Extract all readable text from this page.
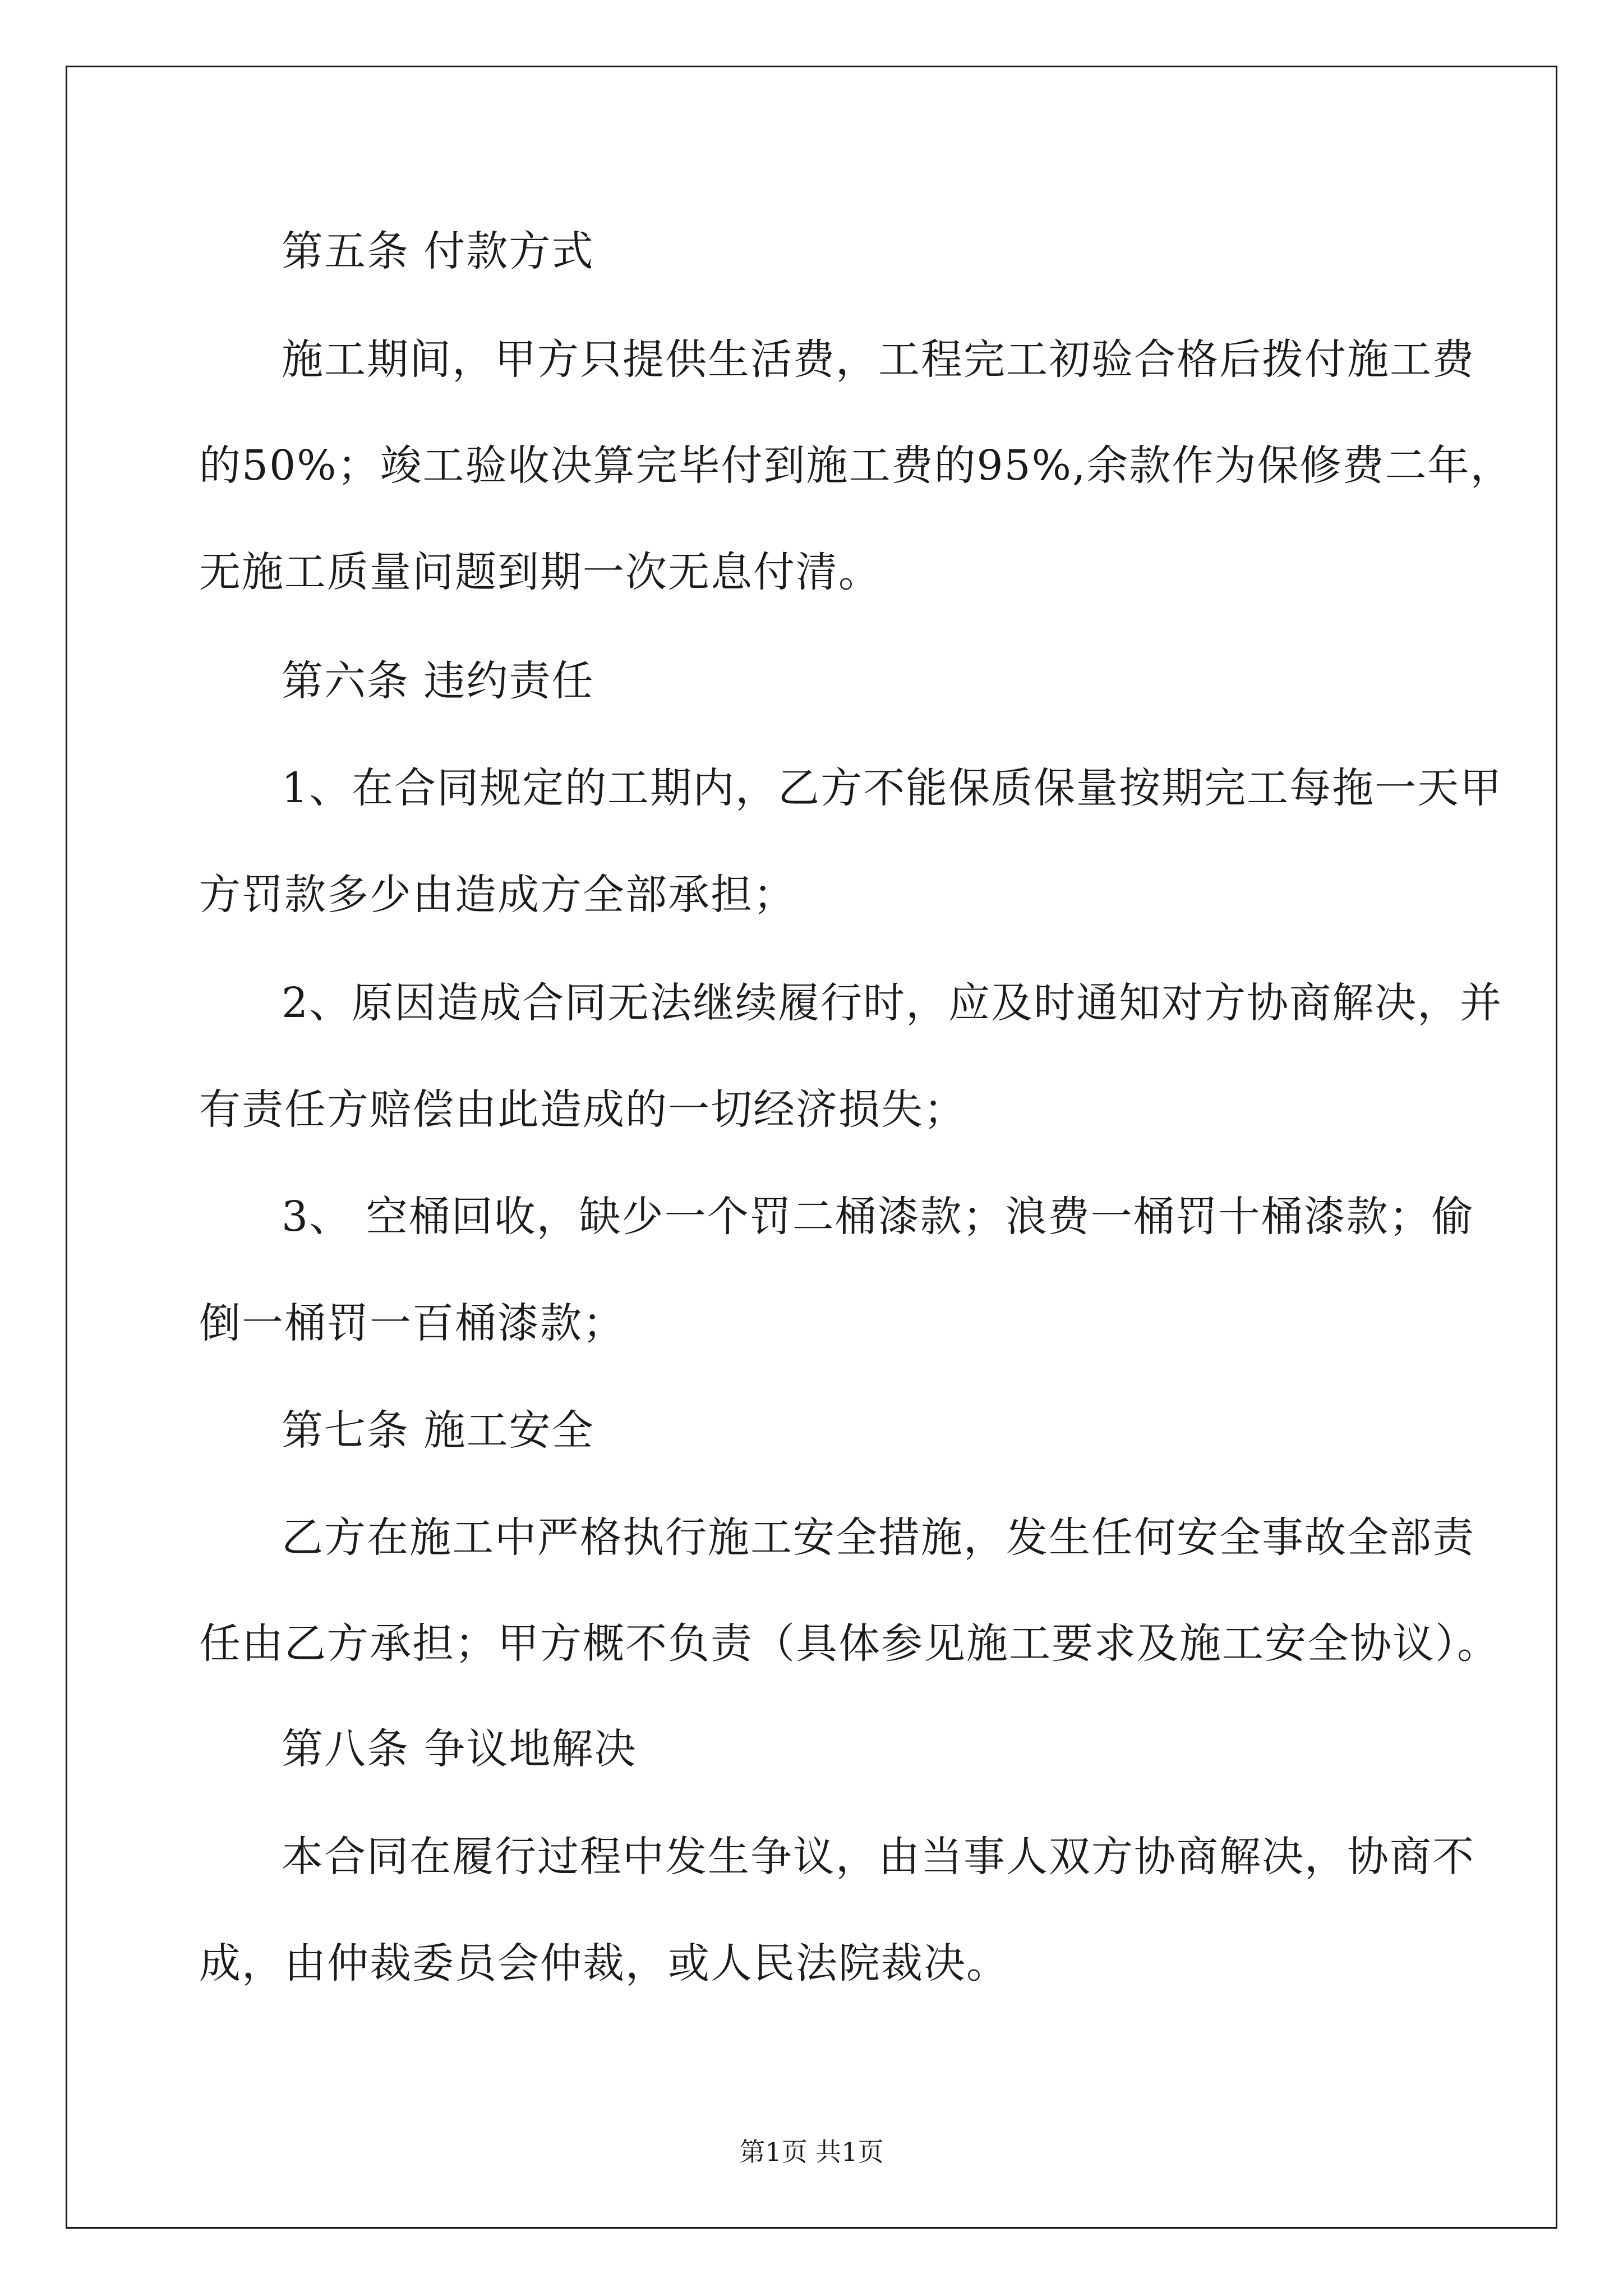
第五条 付款方式
施工期间，甲方只提供生活费，工程完工初验合格后拨付施工费
的50%；竣工验收决算完毕付到施工费的95%,余款作为保修费二年，
无施工质量问题到期一次无息付清。
第六条 违约责任
1、在合同规定的工期内，乙方不能保质保量按期完工每拖一天甲
方罚款多少由造成方全部承担；
2、原因造成合同无法继续履行时，应及时通知对方协商解决，并
有责任方赔偿由此造成的一切经济损失；
3、 空桶回收，缺少一个罚二桶漆款；浪费一桶罚十桶漆款；偷
倒一桶罚一百桶漆款；
第七条 施工安全
乙方在施工中严格执行施工安全措施，发生任何安全事故全部责
任由乙方承担；甲方概不负责（具体参见施工要求及施工安全协议）。
第八条 争议地解决
本合同在履行过程中发生争议，由当事人双方协商解决，协商不
成，由仲裁委员会仲裁，或人民法院裁决。
第1页 共1页
